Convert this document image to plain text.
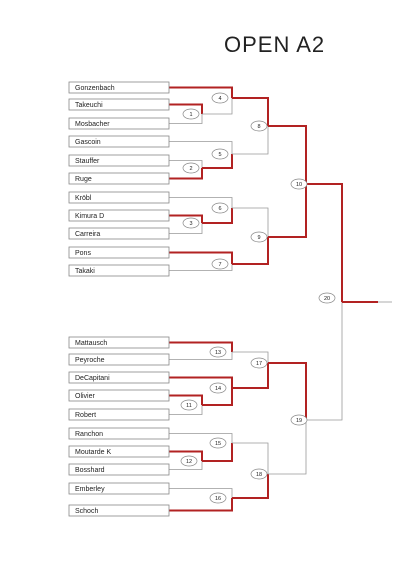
OPEN A2
Gonzenbach
Takeuchi
Mosbacher
Gascoin
Stauffer
Ruge
Kröbl
Kimura D
Carreira
Pons
Takaki
Mattausch
Peyroche
DeCapitani
Olivier
Robert
Ranchon
Moutarde K
Bosshard
Emberley
Schoch
1
2
3
4
5
6
7
8
9
10
11
12
13
14
15
16
17
18
19
20
